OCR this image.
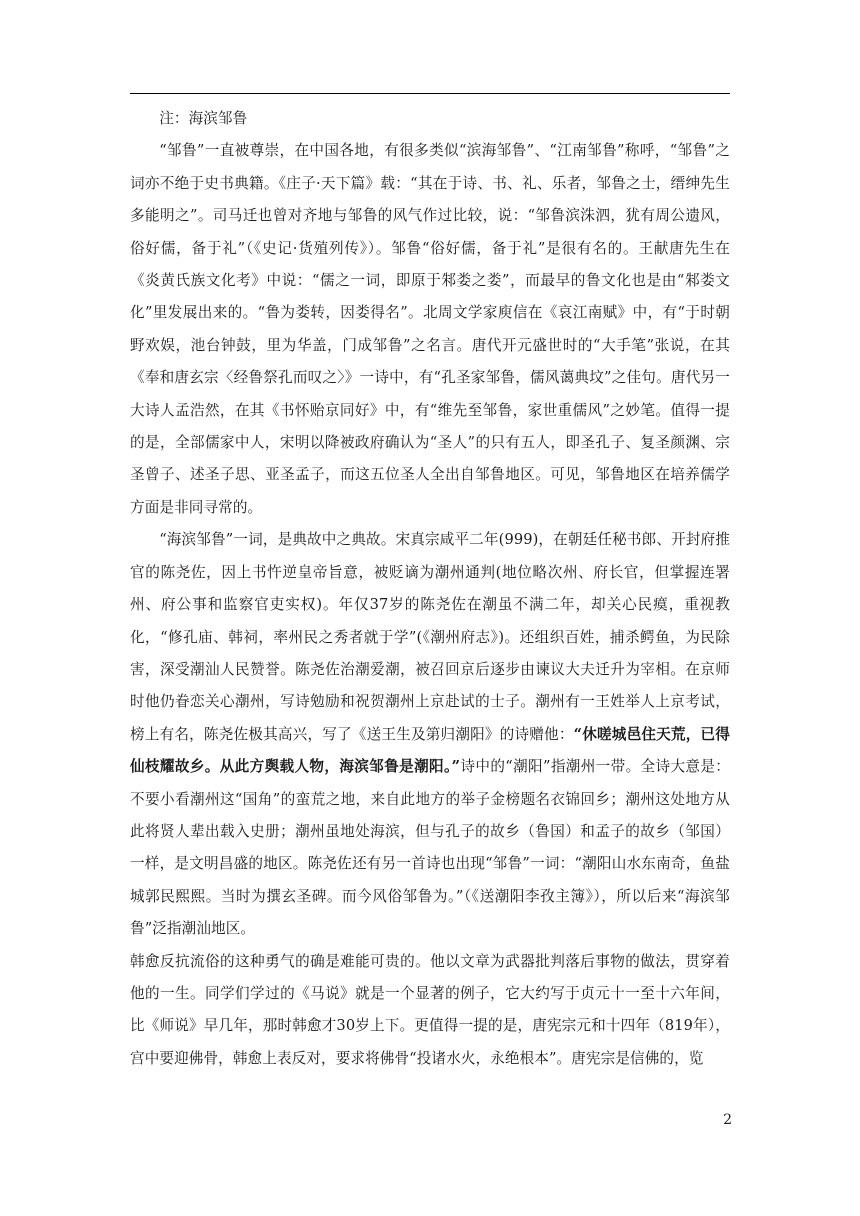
注：海滨邹鲁

“邹鲁”一直被尊崇，在中国各地，有很多类似“滨海邹鲁”、“江南邹鲁”称呼，“邹鲁”之词亦不绝于史书典籍。《庄子·天下篇》载：“其在于诗、书、礼、乐者，邹鲁之士，缙绅先生多能明之”。司马迁也曾对齐地与邹鲁的风气作过比较，说：“邹鲁滨洙泗，犹有周公遗风，俗好儒，备于礼”（《史记·货殖列传》）。邹鲁“俗好儒，备于礼”是很有名的。王献唐先生在《炎黄氏族文化考》中说：“儒之一词，即原于邾娄之娄”，而最早的鲁文化也是由“邾娄文化”里发展出来的。“鲁为娄转，因娄得名”。北周文学家庾信在《哀江南赋》中，有“于时朝野欢娱，池台钟鼓，里为华盖，门成邹鲁”之名言。唐代开元盛世时的“大手笔”张说，在其《奉和唐玄宗〈经鲁祭孔而叹之〉》一诗中，有“孔圣家邹鲁，儒风蔼典坟”之佳句。唐代另一大诗人孟浩然，在其《书怀贻京同好》中，有“维先至邹鲁，家世重儒风”之妙笔。值得一提的是，全部儒家中人，宋明以降被政府确认为“圣人”的只有五人，即圣孔子、复圣颜渊、宗圣曾子、述圣子思、亚圣孟子，而这五位圣人全出自邹鲁地区。可见，邹鲁地区在培养儒学方面是非同寻常的。

“海滨邹鲁”一词，是典故中之典故。宋真宗咸平二年(999)，在朝廷任秘书郎、开封府推官的陈尧佐，因上书忤逆皇帝旨意，被贬谪为潮州通判(地位略次州、府长官，但掌握连署州、府公事和监察官吏实权)。年仅37岁的陈尧佐在潮虽不满二年，却关心民瘼，重视教化，“修孔庙、韩祠，率州民之秀者就于学”(《潮州府志》)。还组织百姓，捕杀鳄鱼，为民除害，深受潮汕人民赞誉。陈尧佐治潮爱潮，被召回京后逐步由谏议大夫迁升为宰相。在京师时他仍眷恋关心潮州，写诗勉励和祝贺潮州上京赴试的士子。潮州有一王姓举人上京考试，榜上有名，陈尧佐极其高兴，写了《送王生及第归潮阳》的诗赠他：“休嗟城邑住天荒，已得仙枝耀故乡。从此方舆载人物，海滨邹鲁是潮阳。”诗中的“潮阳”指潮州一带。全诗大意是：不要小看潮州这“国角”的蛮荒之地，来自此地方的举子金榜题名衣锦回乡；潮州这处地方从此将贤人辈出载入史册；潮州虽地处海滨，但与孔子的故乡（鲁国）和孟子的故乡（邹国）一样，是文明昌盛的地区。陈尧佐还有另一首诗也出现“邹鲁”一词：“潮阳山水东南奇，鱼盐城郭民熙熙。当时为撰玄圣碑。而今风俗邹鲁为。”（《送潮阳李孜主簿》），所以后来“海滨邹鲁”泛指潮汕地区。

韩愈反抗流俗的这种勇气的确是难能可贵的。他以文章为武器批判落后事物的做法，贯穿着他的一生。同学们学过的《马说》就是一个显著的例子，它大约写于贞元十一至十六年间，比《师说》早几年，那时韩愈才30岁上下。更值得一提的是，唐宪宗元和十四年（819年），宫中要迎佛骨，韩愈上表反对，要求将佛骨“投诸水火，永绝根本”。唐宪宗是信佛的，览

2
